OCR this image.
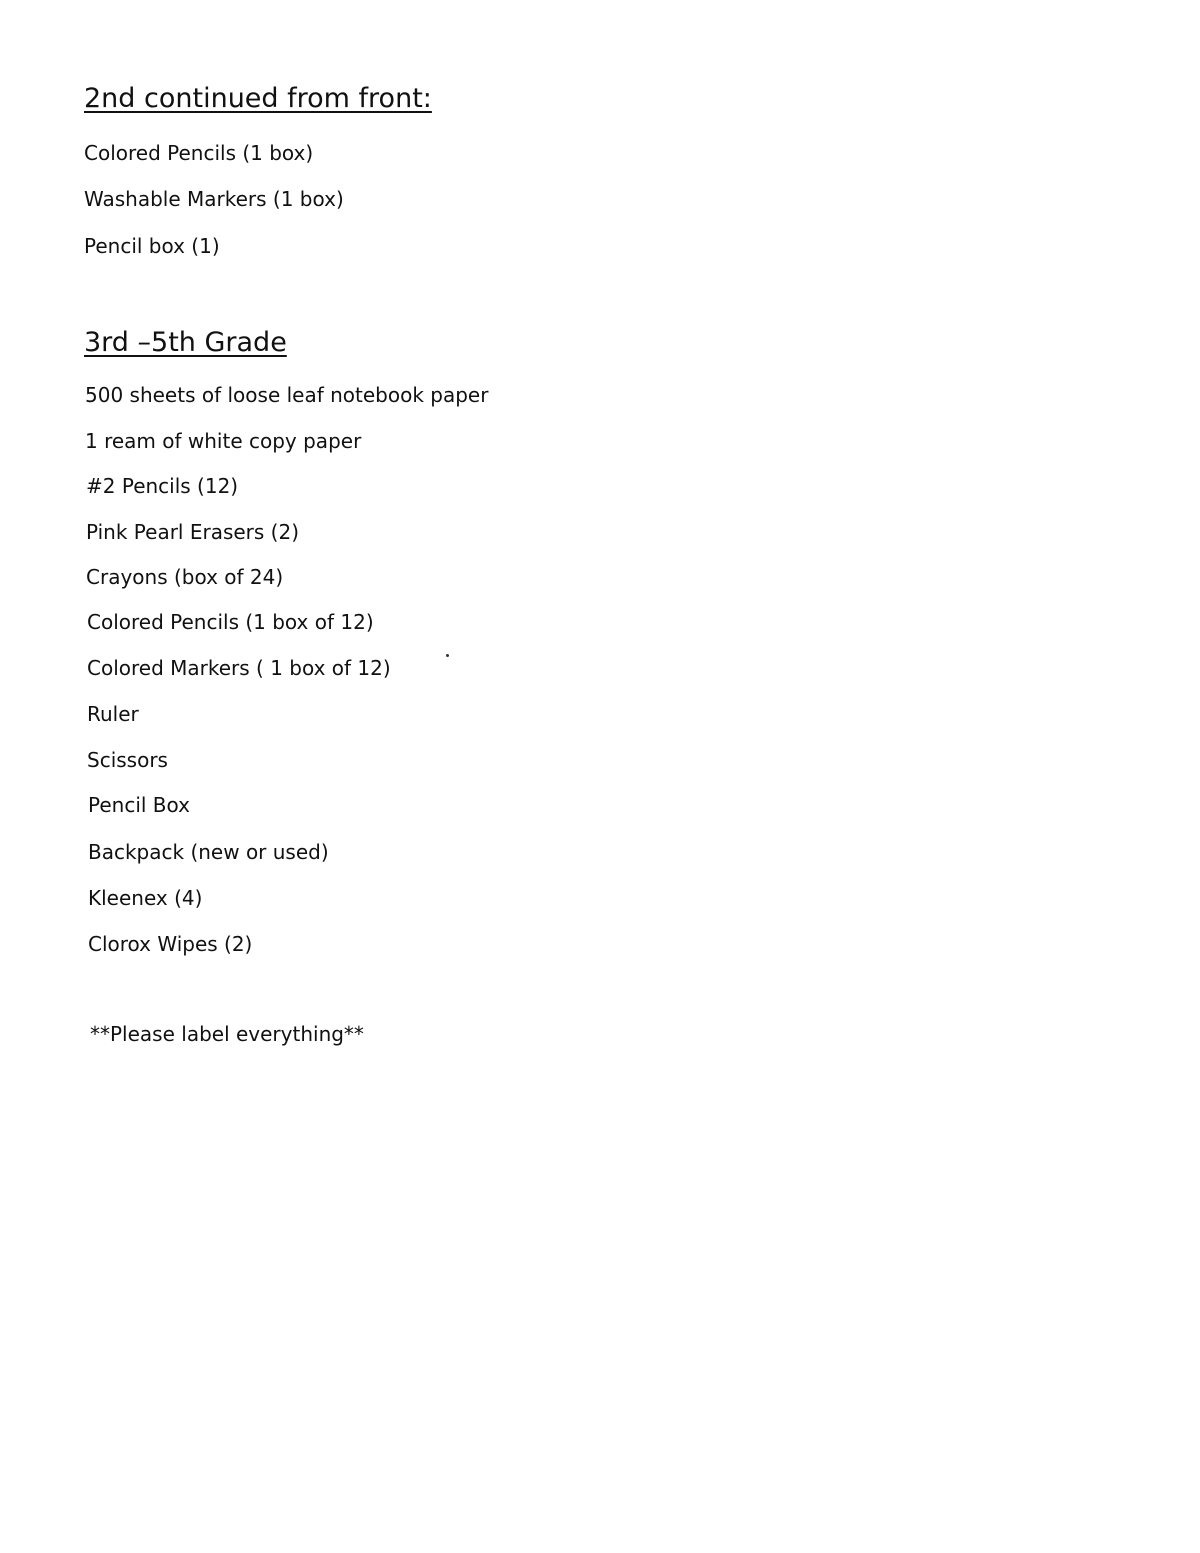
2nd continued from front:
Colored Pencils (1 box)
Washable Markers (1 box)
Pencil box (1)
3rd –5th Grade
500 sheets of loose leaf notebook paper
1 ream of white copy paper
#2 Pencils (12)
Pink Pearl Erasers (2)
Crayons (box of 24)
Colored Pencils (1 box of 12)
Colored Markers ( 1 box of 12)
Ruler
Scissors
Pencil Box
Backpack (new or used)
Kleenex (4)
Clorox Wipes (2)
**Please label everything**
